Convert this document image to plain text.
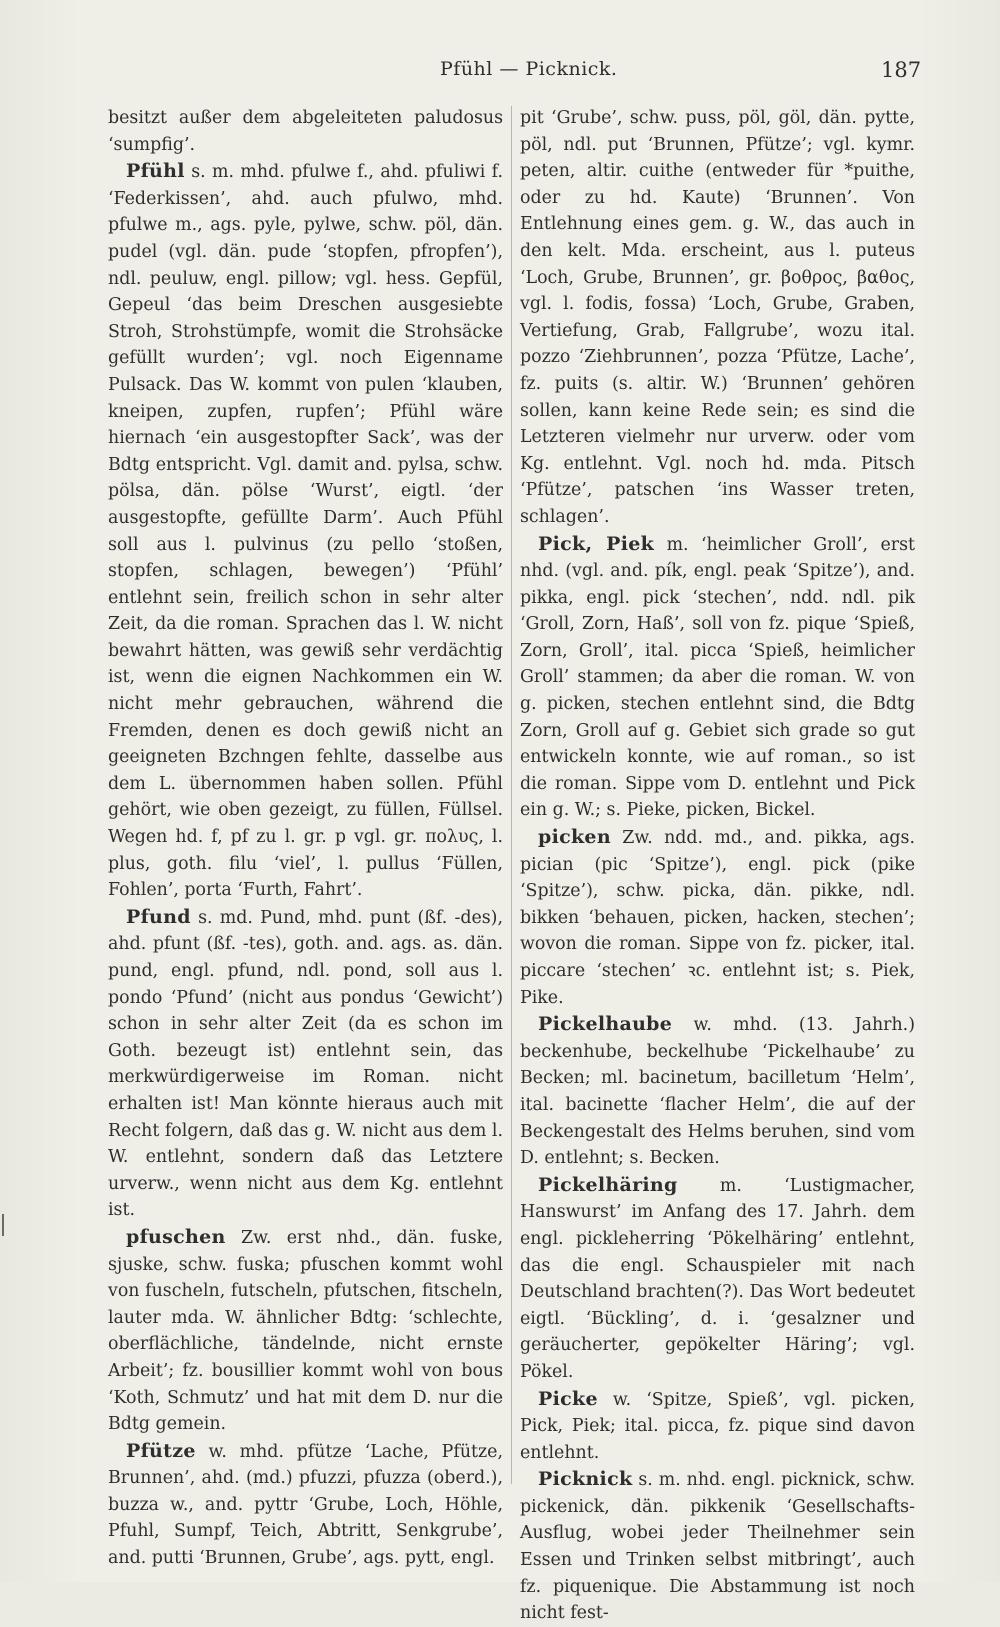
Pfühl — Picknick.	187

besitzt außer dem abgeleiteten paludosus ‘sumpfig’.

Pfühl s. m. mhd. pfulwe f., ahd. pfuliwi f. ‘Federkissen’, ahd. auch pfulwo, mhd. pfulwe m., ags. pyle, pylwe, schw. pöl, dän. pudel (vgl. dän. pude ‘stopfen, pfropfen’), ndl. peuluw, engl. pillow; vgl. hess. Gepfül, Gepeul ‘das beim Dreschen ausgesiebte Stroh, Strohstümpfe, womit die Strohsäcke gefüllt wurden’; vgl. noch Eigenname Pulsack. Das W. kommt von pulen ‘klauben, kneipen, zupfen, rupfen’; Pfühl wäre hiernach ‘ein ausgestopfter Sack’, was der Bdtg entspricht. Vgl. damit and. pylsa, schw. pölsa, dän. pölse ‘Wurst’, eigtl. ‘der ausgestopfte, gefüllte Darm’. Auch Pfühl soll aus l. pulvinus (zu pello ‘stoßen, stopfen, schlagen, bewegen’) ‘Pfühl’ entlehnt sein, freilich schon in sehr alter Zeit, da die roman. Sprachen das l. W. nicht bewahrt hätten, was gewiß sehr verdächtig ist, wenn die eignen Nachkommen ein W. nicht mehr gebrauchen, während die Fremden, denen es doch gewiß nicht an geeigneten Bzchngen fehlte, dasselbe aus dem L. übernommen haben sollen. Pfühl gehört, wie oben gezeigt, zu füllen, Füllsel. Wegen hd. f, pf zu l. gr. p vgl. gr. πολυς, l. plus, goth. filu ‘viel’, l. pullus ‘Füllen, Fohlen’, porta ‘Furth, Fahrt’.

Pfund s. md. Pund, mhd. punt (ßf. -des), ahd. pfunt (ßf. -tes), goth. and. ags. as. dän. pund, engl. pfund, ndl. pond, soll aus l. pondo ‘Pfund’ (nicht aus pondus ‘Gewicht’) schon in sehr alter Zeit (da es schon im Goth. bezeugt ist) entlehnt sein, das merkwürdigerweise im Roman. nicht erhalten ist! Man könnte hieraus auch mit Recht folgern, daß das g. W. nicht aus dem l. W. entlehnt, sondern daß das Letztere urverw., wenn nicht aus dem Kg. entlehnt ist.

pfuschen Zw. erst nhd., dän. fuske, sjuske, schw. fuska; pfuschen kommt wohl von fuscheln, futscheln, pfutschen, fitscheln, lauter mda. W. ähnlicher Bdtg: ‘schlechte, oberflächliche, tändelnde, nicht ernste Arbeit’; fz. bousillier kommt wohl von bous ‘Koth, Schmutz’ und hat mit dem D. nur die Bdtg gemein.

Pfütze w. mhd. pfütze ‘Lache, Pfütze, Brunnen’, ahd. (md.) pfuzzi, pfuzza (oberd.), buzza w., and. pyttr ‘Grube, Loch, Höhle, Pfuhl, Sumpf, Teich, Abtritt, Senkgrube’, and. putti ‘Brunnen, Grube’, ags. pytt, engl.

pit ‘Grube’, schw. puss, pöl, göl, dän. pytte, pöl, ndl. put ‘Brunnen, Pfütze’; vgl. kymr. peten, altir. cuithe (entweder für *puithe, oder zu hd. Kaute) ‘Brunnen’. Von Entlehnung eines gem. g. W., das auch in den kelt. Mda. erscheint, aus l. puteus ‘Loch, Grube, Brunnen’, gr. βοθρος, βαθος, vgl. l. fodis, fossa) ‘Loch, Grube, Graben, Vertiefung, Grab, Fallgrube’, wozu ital. pozzo ‘Ziehbrunnen’, pozza ‘Pfütze, Lache’, fz. puits (s. altir. W.) ‘Brunnen’ gehören sollen, kann keine Rede sein; es sind die Letzteren vielmehr nur urverw. oder vom Kg. entlehnt. Vgl. noch hd. mda. Pitsch ‘Pfütze’, patschen ‘ins Wasser treten, schlagen’.

Pick, Piek m. ‘heimlicher Groll’, erst nhd. (vgl. and. pík, engl. peak ‘Spitze’), and. pikka, engl. pick ‘stechen’, ndd. ndl. pik ‘Groll, Zorn, Haß’, soll von fz. pique ‘Spieß, Zorn, Groll’, ital. picca ‘Spieß, heimlicher Groll’ stammen; da aber die roman. W. von g. picken, stechen entlehnt sind, die Bdtg Zorn, Groll auf g. Gebiet sich grade so gut entwickeln konnte, wie auf roman., so ist die roman. Sippe vom D. entlehnt und Pick ein g. W.; s. Pieke, picken, Bickel.

picken Zw. ndd. md., and. pikka, ags. pician (pic ‘Spitze’), engl. pick (pike ‘Spitze’), schw. picka, dän. pikke, ndl. bikken ‘behauen, picken, hacken, stechen’; wovon die roman. Sippe von fz. picker, ital. piccare ‘stechen’ ꝛc. entlehnt ist; s. Piek, Pike.

Pickelhaube w. mhd. (13. Jahrh.) beckenhube, beckelhube ‘Pickelhaube’ zu Becken; ml. bacinetum, bacilletum ‘Helm’, ital. bacinette ‘flacher Helm’, die auf der Beckengestalt des Helms beruhen, sind vom D. entlehnt; s. Becken.

Pickelhäring m. ‘Lustigmacher, Hanswurst’ im Anfang des 17. Jahrh. dem engl. pickleherring ‘Pökelhäring’ entlehnt, das die engl. Schauspieler mit nach Deutschland brachten(?). Das Wort bedeutet eigtl. ‘Bückling’, d. i. ‘gesalzner und geräucherter, gepökelter Häring’; vgl. Pökel.

Picke w. ‘Spitze, Spieß’, vgl. picken, Pick, Piek; ital. picca, fz. pique sind davon entlehnt.

Picknick s. m. nhd. engl. picknick, schw. pickenick, dän. pikkenik ‘Gesellschafts-Ausflug, wobei jeder Theilnehmer sein Essen und Trinken selbst mitbringt’, auch fz. piquenique. Die Abstammung ist noch nicht fest-
